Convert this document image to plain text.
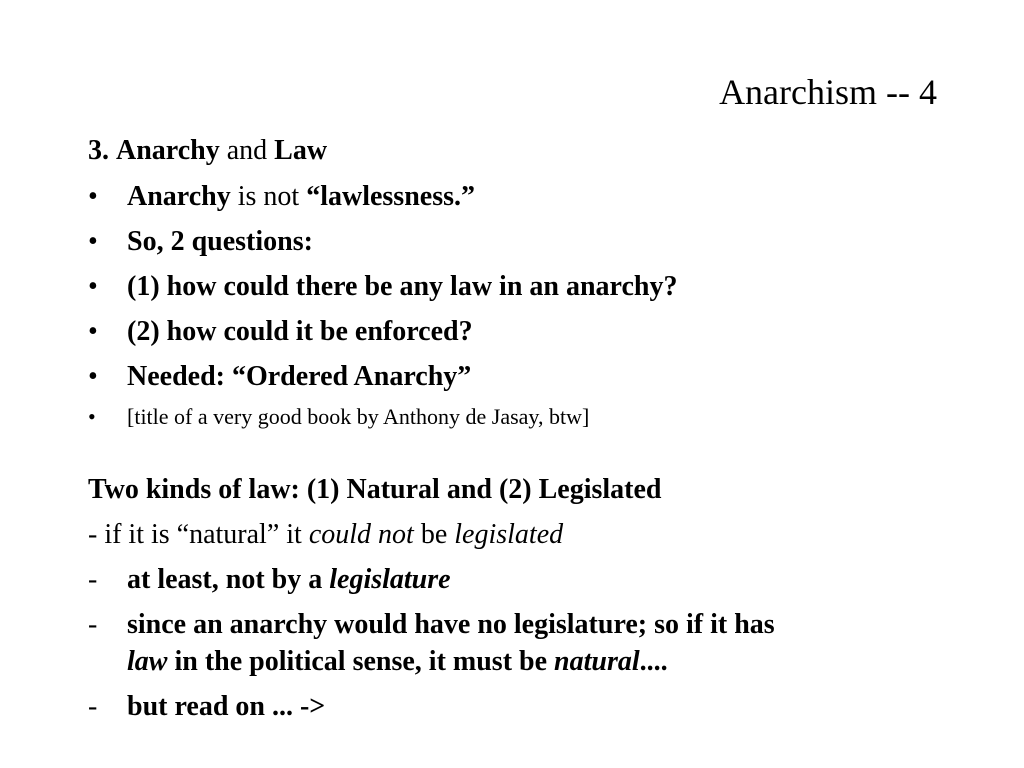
Anarchism -- 4
3. Anarchy and Law
•	Anarchy is not “lawlessness.”
•	So, 2 questions:
•	(1) how could there be any law in an anarchy?
•	(2) how could it be enforced?
•	Needed: “Ordered Anarchy”
•	[title of a very good book by Anthony de Jasay, btw]
Two kinds of law: (1) Natural and (2) Legislated
- if it is “natural” it could not be legislated
-	at least, not by a legislature
-	since an anarchy would have no legislature; so if it has
law in the political sense, it must be natural....
-	but read on ... ->
